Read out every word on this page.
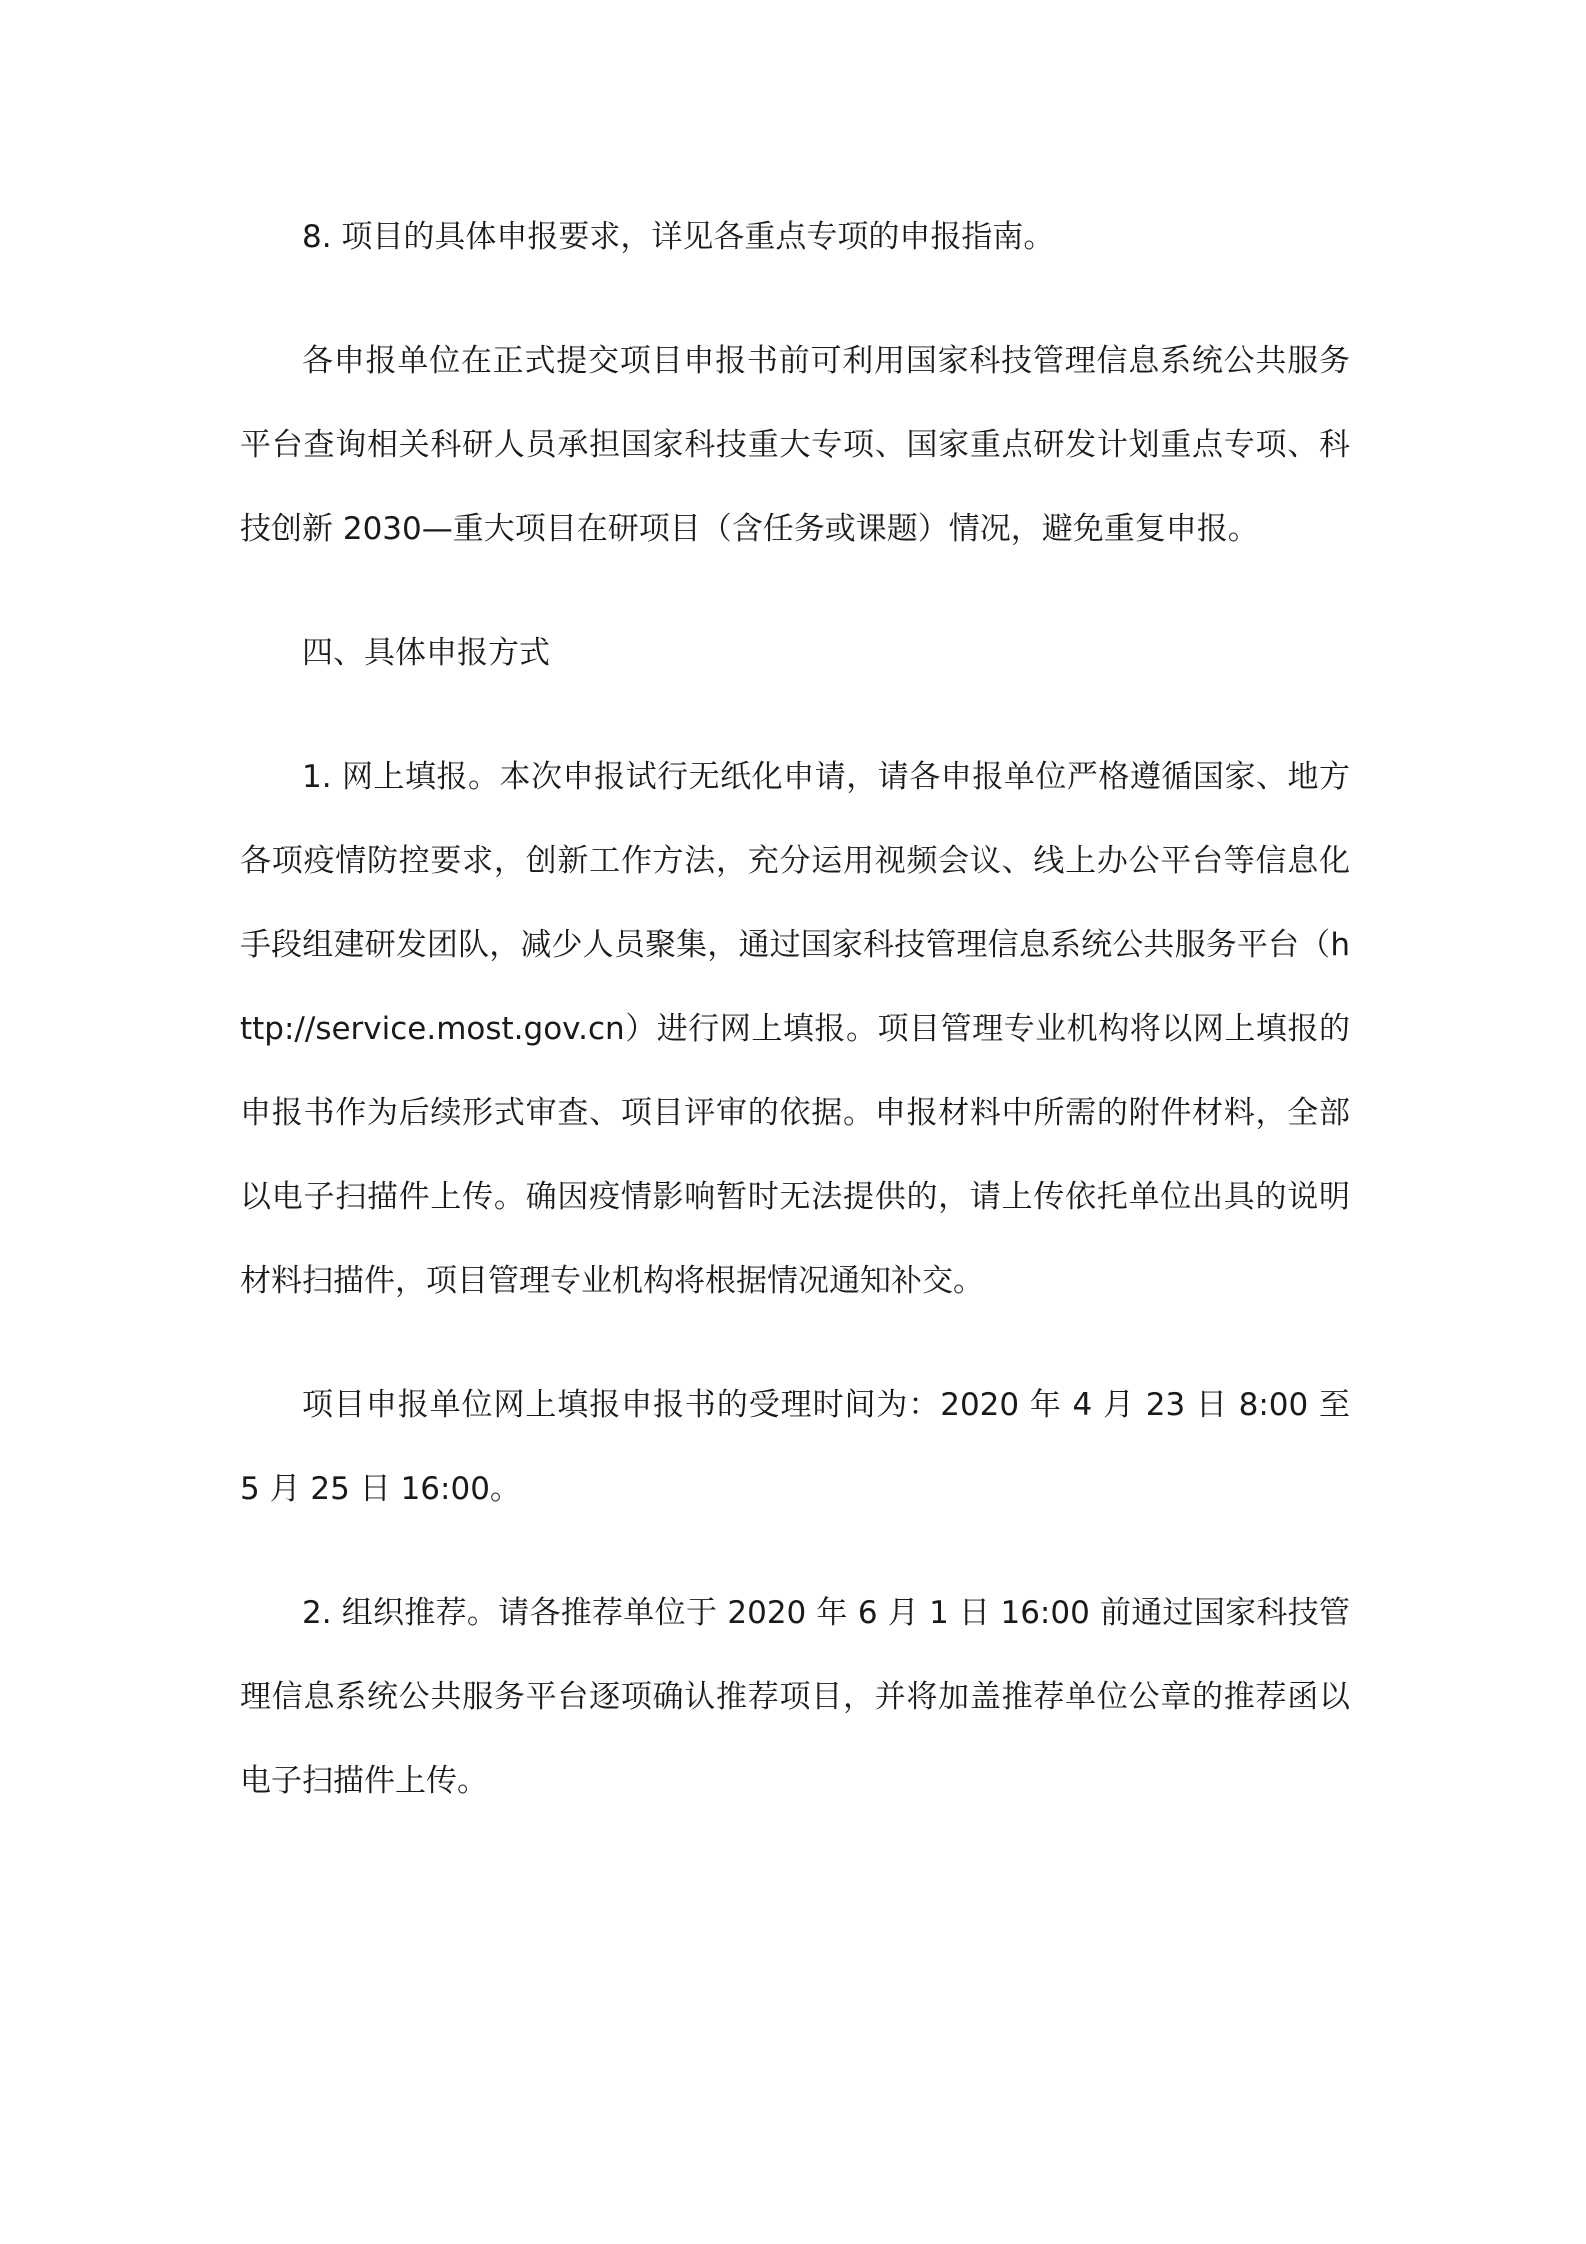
8. 项目的具体申报要求，详见各重点专项的申报指南。

各申报单位在正式提交项目申报书前可利用国家科技管理信息系统公共服务平台查询相关科研人员承担国家科技重大专项、国家重点研发计划重点专项、科技创新 2030—重大项目在研项目（含任务或课题）情况，避免重复申报。

四、具体申报方式

1. 网上填报。本次申报试行无纸化申请，请各申报单位严格遵循国家、地方各项疫情防控要求，创新工作方法，充分运用视频会议、线上办公平台等信息化手段组建研发团队，减少人员聚集，通过国家科技管理信息系统公共服务平台（http://service.most.gov.cn）进行网上填报。项目管理专业机构将以网上填报的申报书作为后续形式审查、项目评审的依据。申报材料中所需的附件材料，全部以电子扫描件上传。确因疫情影响暂时无法提供的，请上传依托单位出具的说明材料扫描件，项目管理专业机构将根据情况通知补交。

项目申报单位网上填报申报书的受理时间为：2020 年 4 月 23 日 8:00 至 5 月 25 日 16:00。

2. 组织推荐。请各推荐单位于 2020 年 6 月 1 日 16:00 前通过国家科技管理信息系统公共服务平台逐项确认推荐项目，并将加盖推荐单位公章的推荐函以电子扫描件上传。
